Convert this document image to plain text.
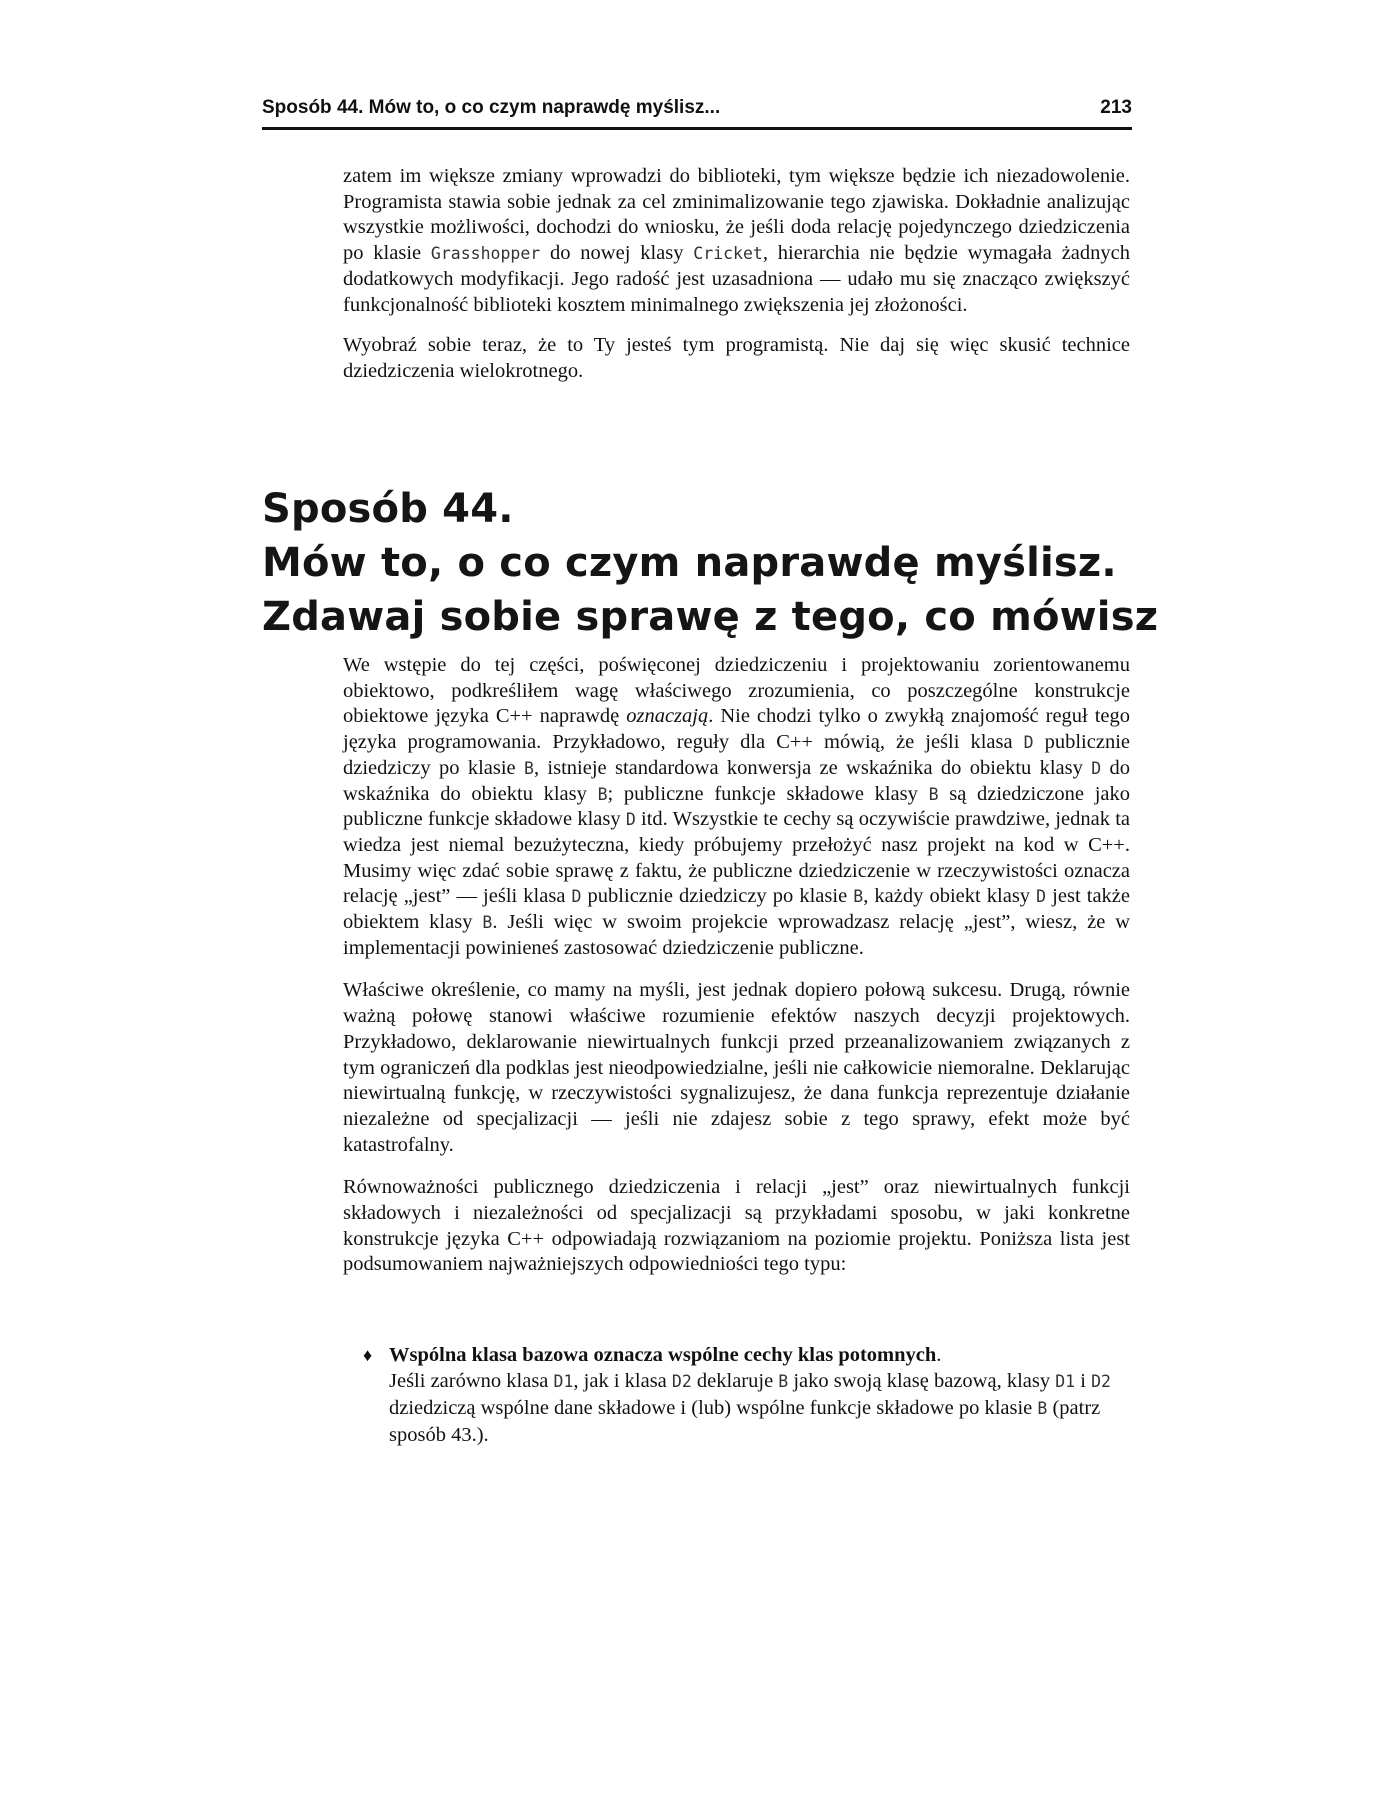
Sposób 44. Mów to, o co czym naprawdę myślisz...	213

zatem im większe zmiany wprowadzi do biblioteki, tym większe będzie ich niezadowolenie. Programista stawia sobie jednak za cel zminimalizowanie tego zjawiska. Dokładnie analizując wszystkie możliwości, dochodzi do wniosku, że jeśli doda relację pojedynczego dziedziczenia po klasie Grasshopper do nowej klasy Cricket, hierarchia nie będzie wymagała żadnych dodatkowych modyfikacji. Jego radość jest uzasadniona — udało mu się znacząco zwiększyć funkcjonalność biblioteki kosztem minimalnego zwiększenia jej złożoności.

Wyobraź sobie teraz, że to Ty jesteś tym programistą. Nie daj się więc skusić technice dziedziczenia wielokrotnego.

Sposób 44.
Mów to, o co czym naprawdę myślisz.
Zdawaj sobie sprawę z tego, co mówisz

We wstępie do tej części, poświęconej dziedziczeniu i projektowaniu zorientowanemu obiektowo, podkreśliłem wagę właściwego zrozumienia, co poszczególne konstrukcje obiektowe języka C++ naprawdę oznaczają. Nie chodzi tylko o zwykłą znajomość reguł tego języka programowania. Przykładowo, reguły dla C++ mówią, że jeśli klasa D publicznie dziedziczy po klasie B, istnieje standardowa konwersja ze wskaźnika do obiektu klasy D do wskaźnika do obiektu klasy B; publiczne funkcje składowe klasy B są dziedziczone jako publiczne funkcje składowe klasy D itd. Wszystkie te cechy są oczywiście prawdziwe, jednak ta wiedza jest niemal bezużyteczna, kiedy próbujemy przełożyć nasz projekt na kod w C++. Musimy więc zdać sobie sprawę z faktu, że publiczne dziedziczenie w rzeczywistości oznacza relację „jest” — jeśli klasa D publicznie dziedziczy po klasie B, każdy obiekt klasy D jest także obiektem klasy B. Jeśli więc w swoim projekcie wprowadzasz relację „jest”, wiesz, że w implementacji powinieneś zastosować dziedziczenie publiczne.

Właściwe określenie, co mamy na myśli, jest jednak dopiero połową sukcesu. Drugą, równie ważną połowę stanowi właściwe rozumienie efektów naszych decyzji projektowych. Przykładowo, deklarowanie niewirtualnych funkcji przed przeanalizowaniem związanych z tym ograniczeń dla podklas jest nieodpowiedzialne, jeśli nie całkowicie niemoralne. Deklarując niewirtualną funkcję, w rzeczywistości sygnalizujesz, że dana funkcja reprezentuje działanie niezależne od specjalizacji — jeśli nie zdajesz sobie z tego sprawy, efekt może być katastrofalny.

Równoważności publicznego dziedziczenia i relacji „jest” oraz niewirtualnych funkcji składowych i niezależności od specjalizacji są przykładami sposobu, w jaki konkretne konstrukcje języka C++ odpowiadają rozwiązaniom na poziomie projektu. Poniższa lista jest podsumowaniem najważniejszych odpowiedniości tego typu:

♦ Wspólna klasa bazowa oznacza wspólne cechy klas potomnych.
Jeśli zarówno klasa D1, jak i klasa D2 deklaruje B jako swoją klasę bazową, klasy D1 i D2 dziedziczą wspólne dane składowe i (lub) wspólne funkcje składowe po klasie B (patrz sposób 43.).
